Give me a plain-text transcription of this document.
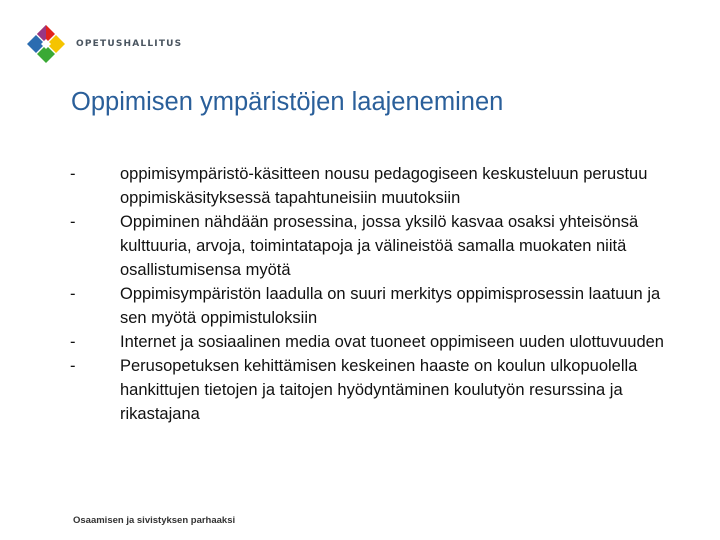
OPETUSHALLITUS
Oppimisen ympäristöjen laajeneminen
-	oppimisympäristö-käsitteen nousu pedagogiseen keskusteluun perustuu oppimiskäsityksessä tapahtuneisiin muutoksiin
-	Oppiminen nähdään prosessina, jossa yksilö kasvaa osaksi yhteisönsä kulttuuria, arvoja, toimintatapoja ja välineistöä samalla muokaten niitä osallistumisensa myötä
-	Oppimisympäristön laadulla on suuri merkitys oppimisprosessin laatuun ja sen myötä oppimistuloksiin
-	Internet ja sosiaalinen media ovat tuoneet oppimiseen uuden ulottuvuuden
-	Perusopetuksen kehittämisen keskeinen haaste on koulun ulkopuolella hankittujen tietojen ja taitojen hyödyntäminen koulutyön resurssina ja rikastajana
Osaamisen ja sivistyksen parhaaksi
